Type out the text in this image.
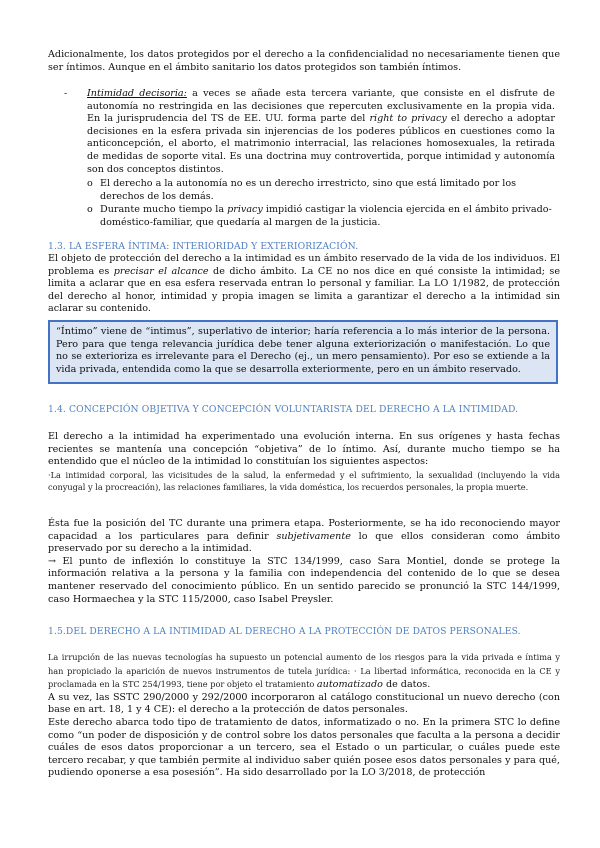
Adicionalmente, los datos protegidos por el derecho a la confidencialidad no necesariamente tienen que ser íntimos. Aunque en el ámbito sanitario los datos protegidos son también íntimos.

- Intimidad decisoria: a veces se añade esta tercera variante, que consiste en el disfrute de autonomía no restringida en las decisiones que repercuten exclusivamente en la propia vida. En la jurisprudencia del TS de EE. UU. forma parte del right to privacy el derecho a adoptar decisiones en la esfera privada sin injerencias de los poderes públicos en cuestiones como la anticoncepción, el aborto, el matrimonio interracial, las relaciones homosexuales, la retirada de medidas de soporte vital. Es una doctrina muy controvertida, porque intimidad y autonomía son dos conceptos distintos.

o El derecho a la autonomía no es un derecho irrestricto, sino que está limitado por los derechos de los demás.

o Durante mucho tiempo la privacy impidió castigar la violencia ejercida en el ámbito privado-doméstico-familiar, que quedaría al margen de la justicia.

1.3. LA ESFERA ÍNTIMA: INTERIORIDAD Y EXTERIORIZACIÓN.

El objeto de protección del derecho a la intimidad es un ámbito reservado de la vida de los individuos. El problema es precisar el alcance de dicho ámbito. La CE no nos dice en qué consiste la intimidad; se limita a aclarar que en esa esfera reservada entran lo personal y familiar. La LO 1/1982, de protección del derecho al honor, intimidad y propia imagen se limita a garantizar el derecho a la intimidad sin aclarar su contenido.

“Íntimo” viene de “intimus”, superlativo de interior; haría referencia a lo más interior de la persona. Pero para que tenga relevancia jurídica debe tener alguna exteriorización o manifestación. Lo que no se exterioriza es irrelevante para el Derecho (ej., un mero pensamiento). Por eso se extiende a la vida privada, entendida como la que se desarrolla exteriormente, pero en un ámbito reservado.

1.4. CONCEPCIÓN OBJETIVA Y CONCEPCIÓN VOLUNTARISTA DEL DERECHO A LA INTIMIDAD.

El derecho a la intimidad ha experimentado una evolución interna. En sus orígenes y hasta fechas recientes se mantenía una concepción “objetiva” de lo íntimo. Así, durante mucho tiempo se ha entendido que el núcleo de la intimidad lo constituían los siguientes aspectos:

·La intimidad corporal, las vicisitudes de la salud, la enfermedad y el sufrimiento, la sexualidad (incluyendo la vida conyugal y la procreación), las relaciones familiares, la vida doméstica, los recuerdos personales, la propia muerte.

Ésta fue la posición del TC durante una primera etapa. Posteriormente, se ha ido reconociendo mayor capacidad a los particulares para definir subjetivamente lo que ellos consideran como ámbito preservado por su derecho a la intimidad.

→ El punto de inflexión lo constituye la STC 134/1999, caso Sara Montiel, donde se protege la información relativa a la persona y la familia con independencia del contenido de lo que se desea mantener reservado del conocimiento público. En un sentido parecido se pronunció la STC 144/1999, caso Hormaechea y la STC 115/2000, caso Isabel Preysler.

1.5.DEL DERECHO A LA INTIMIDAD AL DERECHO A LA PROTECCIÓN DE DATOS PERSONALES.

La irrupción de las nuevas tecnologías ha supuesto un potencial aumento de los riesgos para la vida privada e íntima y han propiciado la aparición de nuevos instrumentos de tutela jurídica: · La libertad informática, reconocida en la CE y proclamada en la STC 254/1993, tiene por objeto el tratamiento automatizado de datos.

A su vez, las SSTC 290/2000 y 292/2000 incorporaron al catálogo constitucional un nuevo derecho (con base en art. 18, 1 y 4 CE): el derecho a la protección de datos personales.

Este derecho abarca todo tipo de tratamiento de datos, informatizado o no. En la primera STC lo define como “un poder de disposición y de control sobre los datos personales que faculta a la persona a decidir cuáles de esos datos proporcionar a un tercero, sea el Estado o un particular, o cuáles puede este tercero recabar, y que también permite al individuo saber quién posee esos datos personales y para qué, pudiendo oponerse a esa posesión”. Ha sido desarrollado por la LO 3/2018, de protección
